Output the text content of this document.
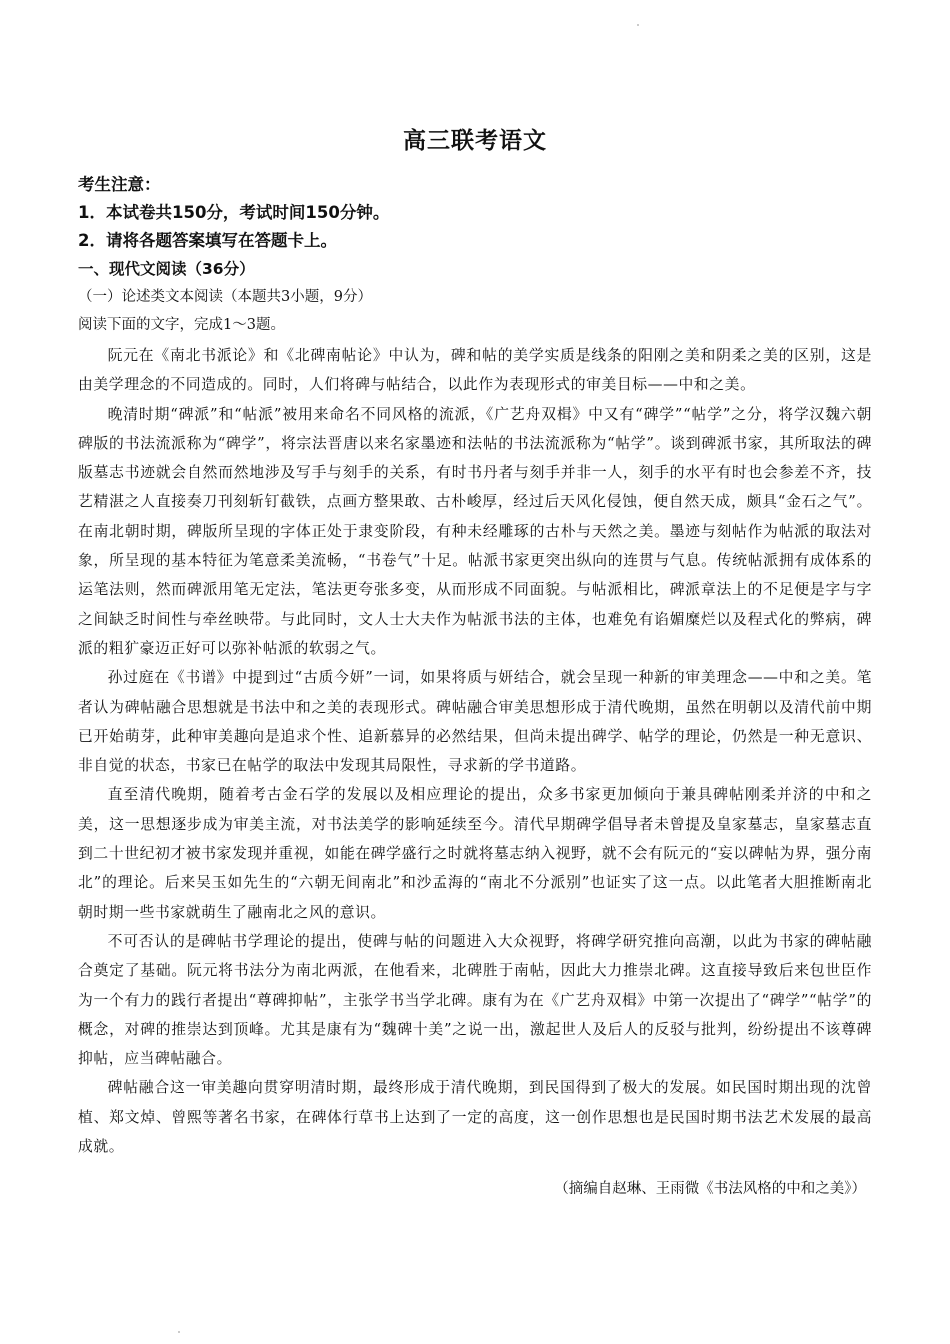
高三联考语文
考生注意：
1．本试卷共150分，考试时间150分钟。
2．请将各题答案填写在答题卡上。
一、现代文阅读（36分）
（一）论述类文本阅读（本题共3小题，9分）
阅读下面的文字，完成1～3题。

阮元在《南北书派论》和《北碑南帖论》中认为，碑和帖的美学实质是线条的阳刚之美和阴柔之美的区别，这是由美学理念的不同造成的。同时，人们将碑与帖结合，以此作为表现形式的审美目标——中和之美。

晚清时期“碑派”和“帖派”被用来命名不同风格的流派，《广艺舟双楫》中又有“碑学”“帖学”之分，将学汉魏六朝碑版的书法流派称为“碑学”，将宗法晋唐以来名家墨迹和法帖的书法流派称为“帖学”。谈到碑派书家，其所取法的碑版墓志书迹就会自然而然地涉及写手与刻手的关系，有时书丹者与刻手并非一人，刻手的水平有时也会参差不齐，技艺精湛之人直接奏刀刊刻斩钉截铁，点画方整果敢、古朴峻厚，经过后天风化侵蚀，便自然天成，颇具“金石之气”。在南北朝时期，碑版所呈现的字体正处于隶变阶段，有种未经雕琢的古朴与天然之美。墨迹与刻帖作为帖派的取法对象，所呈现的基本特征为笔意柔美流畅，“书卷气”十足。帖派书家更突出纵向的连贯与气息。传统帖派拥有成体系的运笔法则，然而碑派用笔无定法，笔法更夸张多变，从而形成不同面貌。与帖派相比，碑派章法上的不足便是字与字之间缺乏时间性与牵丝映带。与此同时，文人士大夫作为帖派书法的主体，也难免有谄媚糜烂以及程式化的弊病，碑派的粗犷豪迈正好可以弥补帖派的软弱之气。

孙过庭在《书谱》中提到过“古质今妍”一词，如果将质与妍结合，就会呈现一种新的审美理念——中和之美。笔者认为碑帖融合思想就是书法中和之美的表现形式。碑帖融合审美思想形成于清代晚期，虽然在明朝以及清代前中期已开始萌芽，此种审美趣向是追求个性、追新慕异的必然结果，但尚未提出碑学、帖学的理论，仍然是一种无意识、非自觉的状态，书家已在帖学的取法中发现其局限性，寻求新的学书道路。

直至清代晚期，随着考古金石学的发展以及相应理论的提出，众多书家更加倾向于兼具碑帖刚柔并济的中和之美，这一思想逐步成为审美主流，对书法美学的影响延续至今。清代早期碑学倡导者未曾提及皇家墓志，皇家墓志直到二十世纪初才被书家发现并重视，如能在碑学盛行之时就将墓志纳入视野，就不会有阮元的“妄以碑帖为界，强分南北”的理论。后来吴玉如先生的“六朝无间南北”和沙孟海的“南北不分派别”也证实了这一点。以此笔者大胆推断南北朝时期一些书家就萌生了融南北之风的意识。

不可否认的是碑帖书学理论的提出，使碑与帖的问题进入大众视野，将碑学研究推向高潮，以此为书家的碑帖融合奠定了基础。阮元将书法分为南北两派，在他看来，北碑胜于南帖，因此大力推崇北碑。这直接导致后来包世臣作为一个有力的践行者提出“尊碑抑帖”，主张学书当学北碑。康有为在《广艺舟双楫》中第一次提出了“碑学”“帖学”的概念，对碑的推崇达到顶峰。尤其是康有为“魏碑十美”之说一出，激起世人及后人的反驳与批判，纷纷提出不该尊碑抑帖，应当碑帖融合。

碑帖融合这一审美趣向贯穿明清时期，最终形成于清代晚期，到民国得到了极大的发展。如民国时期出现的沈曾植、郑文焯、曾熙等著名书家，在碑体行草书上达到了一定的高度，这一创作思想也是民国时期书法艺术发展的最高成就。

（摘编自赵琳、王雨微《书法风格的中和之美》）
